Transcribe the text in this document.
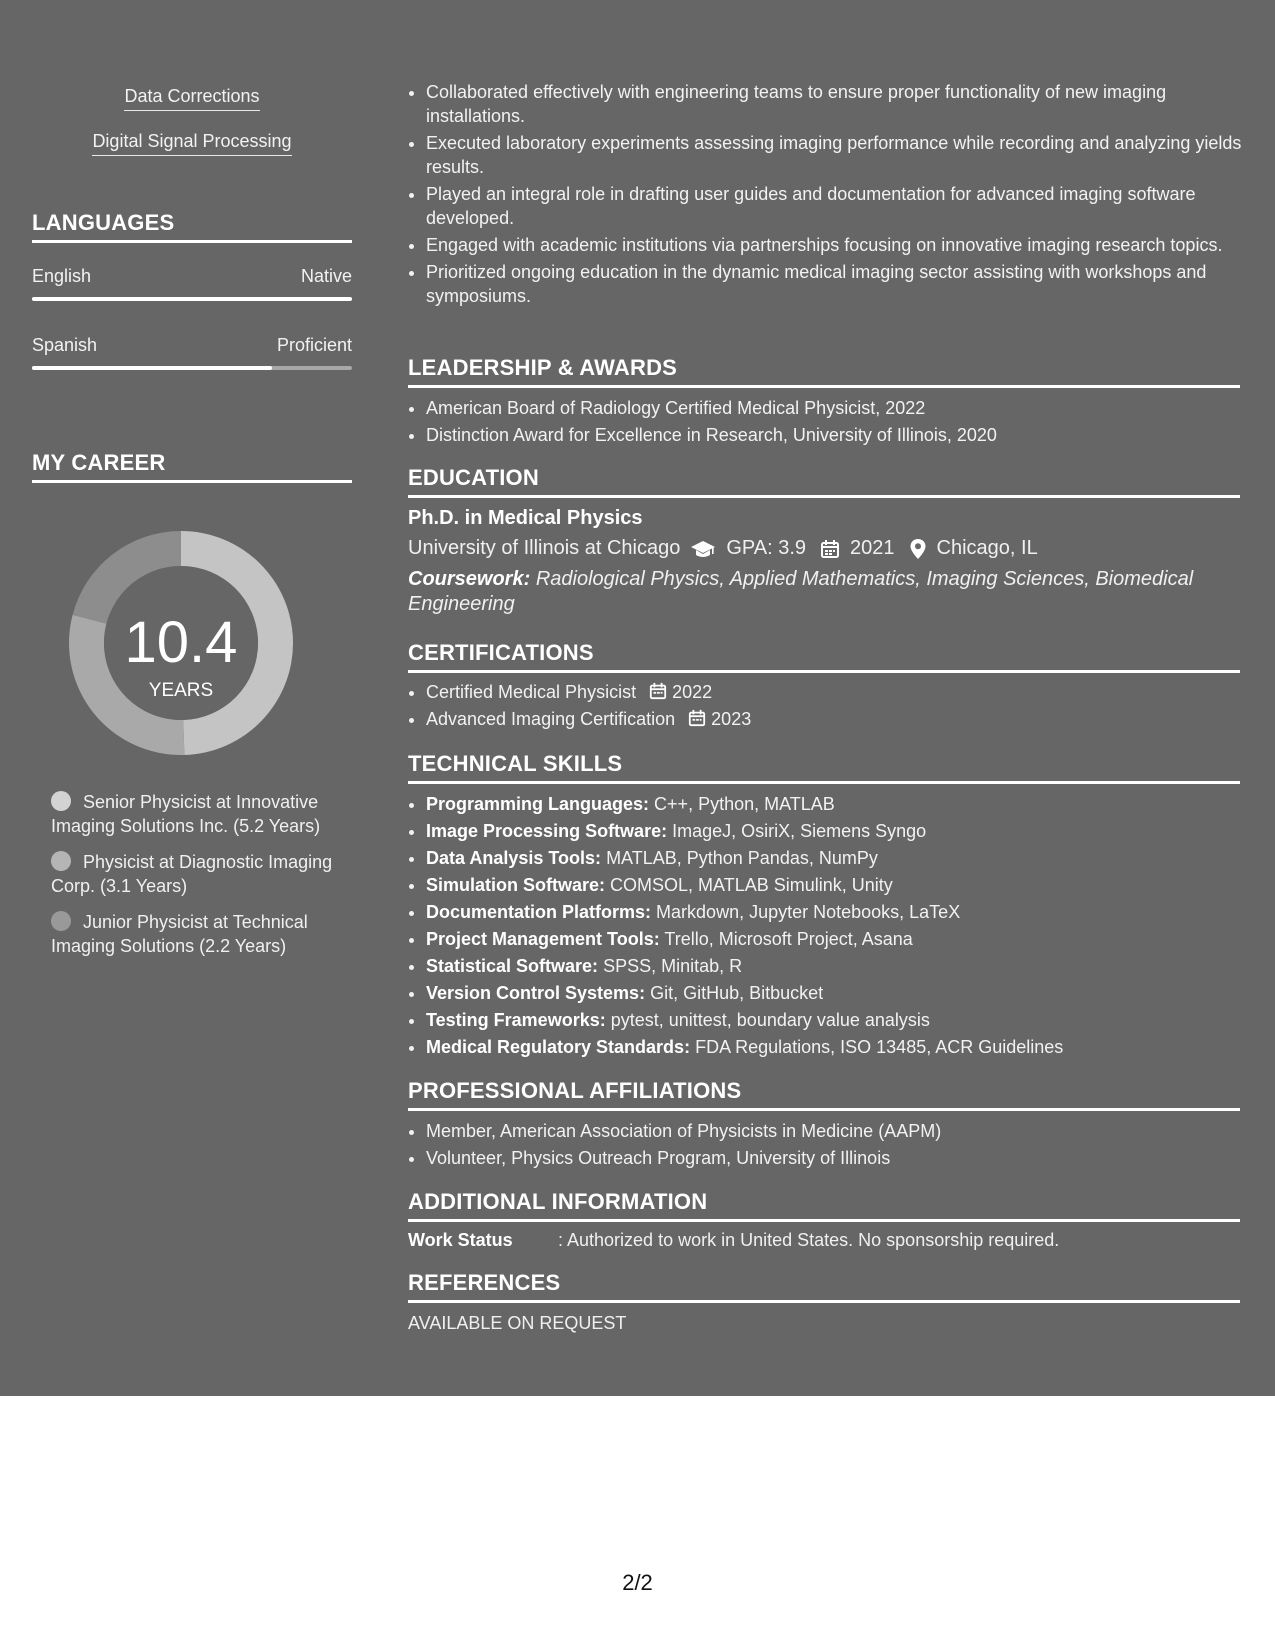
Data Corrections
Digital Signal Processing
LANGUAGES
English	Native
Spanish	Proficient
MY CAREER
10.4
YEARS
Senior Physicist at Innovative Imaging Solutions Inc. (5.2 Years)
Physicist at Diagnostic Imaging Corp. (3.1 Years)
Junior Physicist at Technical Imaging Solutions (2.2 Years)
• Collaborated effectively with engineering teams to ensure proper functionality of new imaging installations.
• Executed laboratory experiments assessing imaging performance while recording and analyzing yields results.
• Played an integral role in drafting user guides and documentation for advanced imaging software developed.
• Engaged with academic institutions via partnerships focusing on innovative imaging research topics.
• Prioritized ongoing education in the dynamic medical imaging sector assisting with workshops and symposiums.
LEADERSHIP & AWARDS
• American Board of Radiology Certified Medical Physicist, 2022
• Distinction Award for Excellence in Research, University of Illinois, 2020
EDUCATION
Ph.D. in Medical Physics
University of Illinois at Chicago GPA: 3.9 2021 Chicago, IL
Coursework: Radiological Physics, Applied Mathematics, Imaging Sciences, Biomedical Engineering
CERTIFICATIONS
• Certified Medical Physicist 2022
• Advanced Imaging Certification 2023
TECHNICAL SKILLS
• Programming Languages: C++, Python, MATLAB
• Image Processing Software: ImageJ, OsiriX, Siemens Syngo
• Data Analysis Tools: MATLAB, Python Pandas, NumPy
• Simulation Software: COMSOL, MATLAB Simulink, Unity
• Documentation Platforms: Markdown, Jupyter Notebooks, LaTeX
• Project Management Tools: Trello, Microsoft Project, Asana
• Statistical Software: SPSS, Minitab, R
• Version Control Systems: Git, GitHub, Bitbucket
• Testing Frameworks: pytest, unittest, boundary value analysis
• Medical Regulatory Standards: FDA Regulations, ISO 13485, ACR Guidelines
PROFESSIONAL AFFILIATIONS
• Member, American Association of Physicists in Medicine (AAPM)
• Volunteer, Physics Outreach Program, University of Illinois
ADDITIONAL INFORMATION
Work Status	: Authorized to work in United States. No sponsorship required.
REFERENCES
AVAILABLE ON REQUEST
2/2
